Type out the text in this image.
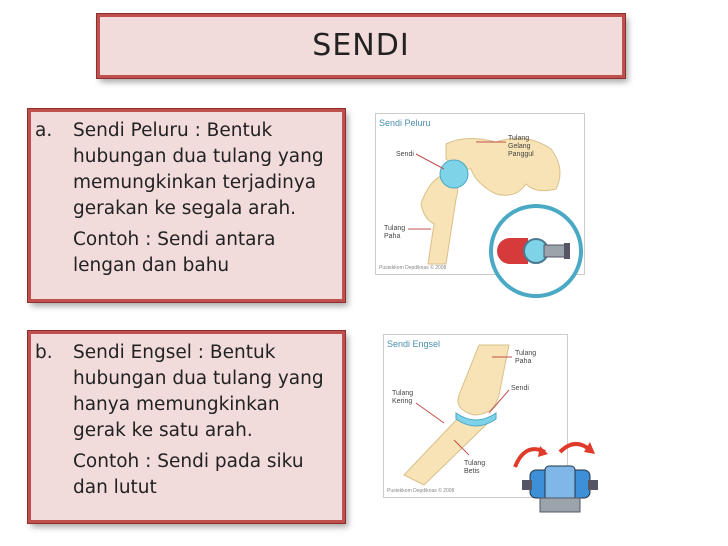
SENDI
a.	Sendi Peluru : Bentuk
hubungan dua tulang yang
memungkinkan terjadinya
gerakan ke segala arah.
Contoh : Sendi antara
lengan dan bahu
b.	Sendi Engsel : Bentuk
hubungan dua tulang yang
hanya memungkinkan
gerak ke satu arah.
Contoh : Sendi pada siku
dan lutut
Sendi Peluru
Sendi
Tulang
Gelang
Panggul
Tulang
Paha
Pustekkom Depdiknas © 2008
Sendi Engsel
Tulang
Paha
Sendi
Tulang
Kering
Tulang
Betis
Pustekkom Depdiknas © 2008
